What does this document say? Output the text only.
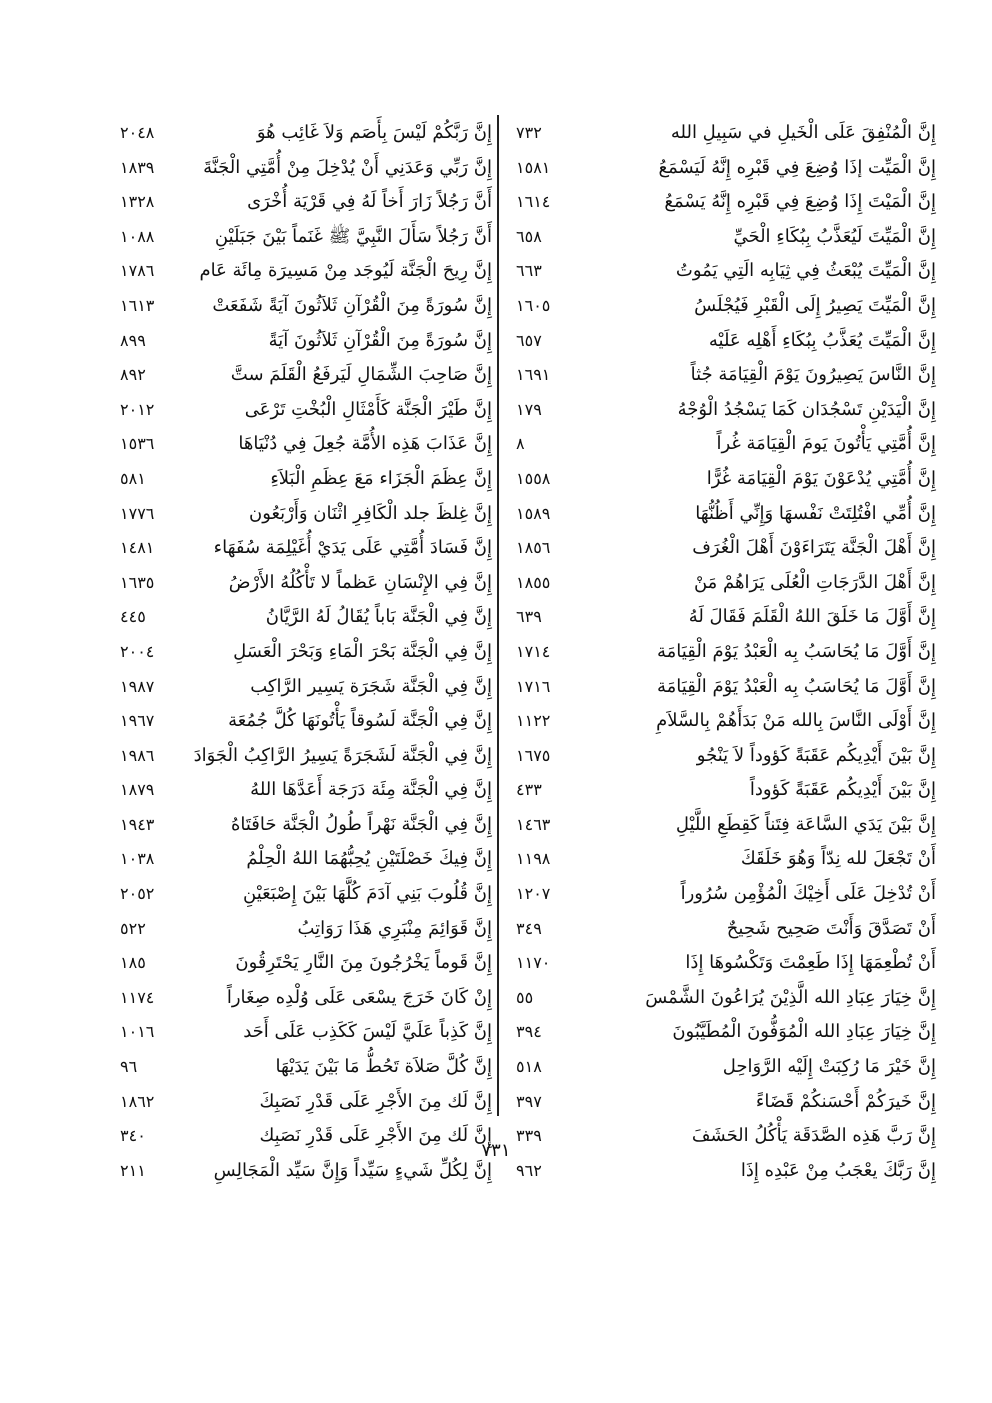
إِنَّ الْمُنْفِقَ عَلَى الْخَيلِ في سَبِيلِ الله
٧٣٢
إِنَّ الْمَيِّت إذَا وُضِعَ فِي قَبْرِه إِنَّهُ لَيَسْمَعُ
١٥٨١
إِنَّ الْمَيْتَ إِذَا وُضِعَ فِي قَبْرِه إِنَّهُ يَسْمَعُ
١٦١٤
إِنَّ الْمَيِّتَ لَيُعَذَّبُ بِبُكَاءِ الْحَيِّ
٦٥٨
إِنَّ الْمَيِّتَ يُبْعَثُ فِي ثِيَابِه الَتِي يَمُوتُ
٦٦٣
إِنَّ الْمَيِّتَ يَصِيرُ إِلَى الْقَبْرِ فَيُجْلَسُ
١٦٠٥
إِنَّ الْمَيِّتَ يُعَذَّبُ بِبُكَاءِ أَهْلِه عَلَيْه
٦٥٧
إِنَّ النَّاسَ يَصِيرُونَ يَوْمَ الْقِيَامَة جُثاً
١٦٩١
إِنَّ الْيَدَيْنِ تَسْجُدَان كَمَا يَسْجُدُ الْوُجْهُ
١٧٩
إِنَّ أُمَّتِي يَأْتُونَ يَومَ الْقِيَامَة غُراً
٨
إِنَّ أُمَّتِي يُدْعَوْنَ يَوْمَ الْقِيَامَة غُرًّا
١٥٥٨
إِنَّ أُمِّي افْتُلِتَتْ نَفْسهَا وَإِنِّي أَظُنُّهَا
١٥٨٩
إِنَّ أَهْلَ الْجَنَّة يَتَرَاءَوْنَ أَهْلَ الْغُرَف
١٨٥٦
إِنَّ أَهْلَ الدَّرَجَاتِ الْعُلَى يَرَاهُمْ مَنْ
١٨٥٥
إِنَّ أَوَّلَ مَا خَلَقَ اللهُ الْقَلَمَ فَقَالَ لَهُ
٦٣٩
إِنَّ أَوَّلَ مَا يُحَاسَبُ بِه الْعَبْدُ يَوْمَ الْقِيَامَة
١٧١٤
إِنَّ أَوَّلَ مَا يُحَاسَبُ بِه الْعَبْدُ يَوْمَ الْقِيَامَة
١٧١٦
إِنَّ أَوْلَى النَّاسَ بِالله مَنْ بَدَأَهُمْ بِالسَّلاَمِ
١١٢٢
إِنَّ بَيْنَ أَيْدِيكُم عَقَبَةً كَؤوداً لاَ يَنْجُو
١٦٧٥
إِنَّ بَيْنَ أَيْدِيكُم عَقَبَةً كَؤوداً
٤٣٣
إِنَّ بَيْنَ يَدَي السَّاعَة فِتَناً كَقِطَعِ اللَّيْلِ
١٤٦٣
أَنْ تَجْعَلَ لله نِدّاً وَهُوَ خَلَقَكَ
١١٩٨
أَنْ تُدْخِلَ عَلَى أَخِيْكَ الْمُؤْمِن سُرُوراً
١٢٠٧
أَنْ تَصَدَّقَ وَأَنْتَ صَحِيح شَحِيحٌ
٣٤٩
أَنْ تُطْعِمَهَا إِذَا طَعِمْتَ وَتَكْسُوهَا إِذَا
١١٧٠
إِنَّ خِيَارَ عِبَادِ الله الَّذِيْنَ يُرَاعُونَ الشَّمْسَ
٥٥
إِنَّ خِيَارَ عِبَادِ الله الْمُوَفُّونَ الْمُطَيَّبُونَ
٣٩٤
إِنَّ خَيْرَ مَا رُكِبَتْ إِلَيْه الرَّوَاحِل
٥١٨
إِنَّ خَيرَكُمْ أَحْسَنكُمْ قَضَاءً
٣٩٧
إِنَّ رَبَّ هَذِه الصَّدَقَة يَأْكُلُ الحَشَفَ
٣٣٩
إِنَّ رَبَّكَ يعْجَبُ مِنْ عَبْدِه إِذَا
٩٦٢
إِنَّ رَبَّكُمْ لَيْسَ بِأَصَم وَلاَ غَائِب هُوَ
٢٠٤٨
إِنَّ رَبِّي وَعَدَنِي أَنْ يُدْخِلَ مِنْ أُمَّتِي الْجَنَّةَ
١٨٣٩
أَنَّ رَجُلاً زَارَ أَخاً لَهُ فِي قَرْيَة أُخْرَى
١٣٢٨
أَنَّ رَجُلاً سَأَلَ النَّبِيَّ ﷺ غَنَماً بَيْنَ جَبَلَيْنِ
١٠٨٨
إِنَّ رِيحَ الْجَنَّة لَيُوجَد مِنْ مَسِيرَة مِائَة عَام
١٧٨٦
إِنَّ سُورَةً مِنَ الْقُرْآنِ ثَلاَثُونَ آيَةً شَفَعَتْ
١٦١٣
إِنَّ سُورَةً مِنَ الْقُرْآنِ ثَلاَثُونَ آيَةً
٨٩٩
إِنَّ صَاحِبَ الشِّمَالِ لَيَرفَعُ الْقَلَمَ ستَّ
٨٩٢
إِنَّ طَيْرَ الْجَنَّة كَأَمْثَالِ الْبُخْتِ تَرْعَى
٢٠١٢
إِنَّ عَذَابَ هَذِه الأُمَّة جُعِلَ فِي دُنْيَاهَا
١٥٣٦
إِنَّ عِظَمَ الْجَزَاء مَعَ عِظَمِ الْبَلاَءِ
٥٨١
إِنَّ غِلظَ جلد الْكَافِرِ اثْنَان وَأَرْبَعُون
١٧٧٦
إِنَّ فَسَادَ أُمَّتِي عَلَى يَدَيْ أُغَيْلِمَة سُفَهَاء
١٤٨١
إِنَّ فِي الإِنْسَانِ عَظماً لا تَأْكُلُهُ الأَرْضُ
١٦٣٥
إِنَّ فِي الْجَنَّة بَاباً يُقَالُ لَهُ الرَّيَّانُ
٤٤٥
إِنَّ فِي الْجَنَّة بَحْرَ الْمَاءِ وَبَحْرَ الْعَسَلِ
٢٠٠٤
إِنَّ فِي الْجَنَّة شَجَرَة يَسِير الرَّاكِب
١٩٨٧
إِنَّ فِي الْجَنَّة لَسُوقاً يَأْتُونَهَا كُلَّ جُمُعَة
١٩٦٧
إِنَّ فِي الْجَنَّة لَشَجَرَةً يَسِيرُ الرَّاكِبُ الْجَوَادَ
١٩٨٦
إِنَّ فِي الْجَنَّة مِئَة دَرَجَة أَعَدَّهَا اللهُ
١٨٧٩
إِنَّ فِي الْجَنَّة نَهْراً طُولُ الْجَنَّة حَافَتَاهُ
١٩٤٣
إِنَّ فِيكَ خَصْلَتَيْنِ يُحِبُّهُمَا اللهُ الْحِلْمُ
١٠٣٨
إِنَّ قُلُوبَ بَنِي آدَمَ كُلَّهَا بَيْنَ إِصْبَعَيْنِ
٢٠٥٢
إِنَّ قَوَائِمَ مِنْبَرِي هَذَا رَوَاتِبُ
٥٢٢
إِنَّ قَوماً يَخْرُجُونَ مِنَ النَّارِ يَحْتَرِقُونَ
١٨٥
إِنْ كَانَ خَرَجَ يسْعَى عَلَى وُلْدِه صِغَاراً
١١٧٤
إِنَّ كَذِباً عَلَيَّ لَيْسَ كَكَذِب عَلَى أَحَد
١٠١٦
إِنَّ كُلَّ صَلاَة تَحُطُّ مَا بَيْنَ يَدَيْهَا
٩٦
إِنَّ لَك مِنَ الأَجْرِ عَلَى قَدْرِ نَصَبِكَ
١٨٦٢
إِنَّ لَك مِنَ الأَجْرِ عَلَى قَدْرِ نَصَبِك
٣٤٠
إِنَّ لِكُلِّ شَيءٍ سَيِّداً وَإِنَّ سَيِّد الْمَجَالِسِ
٢١١
٧٣١
